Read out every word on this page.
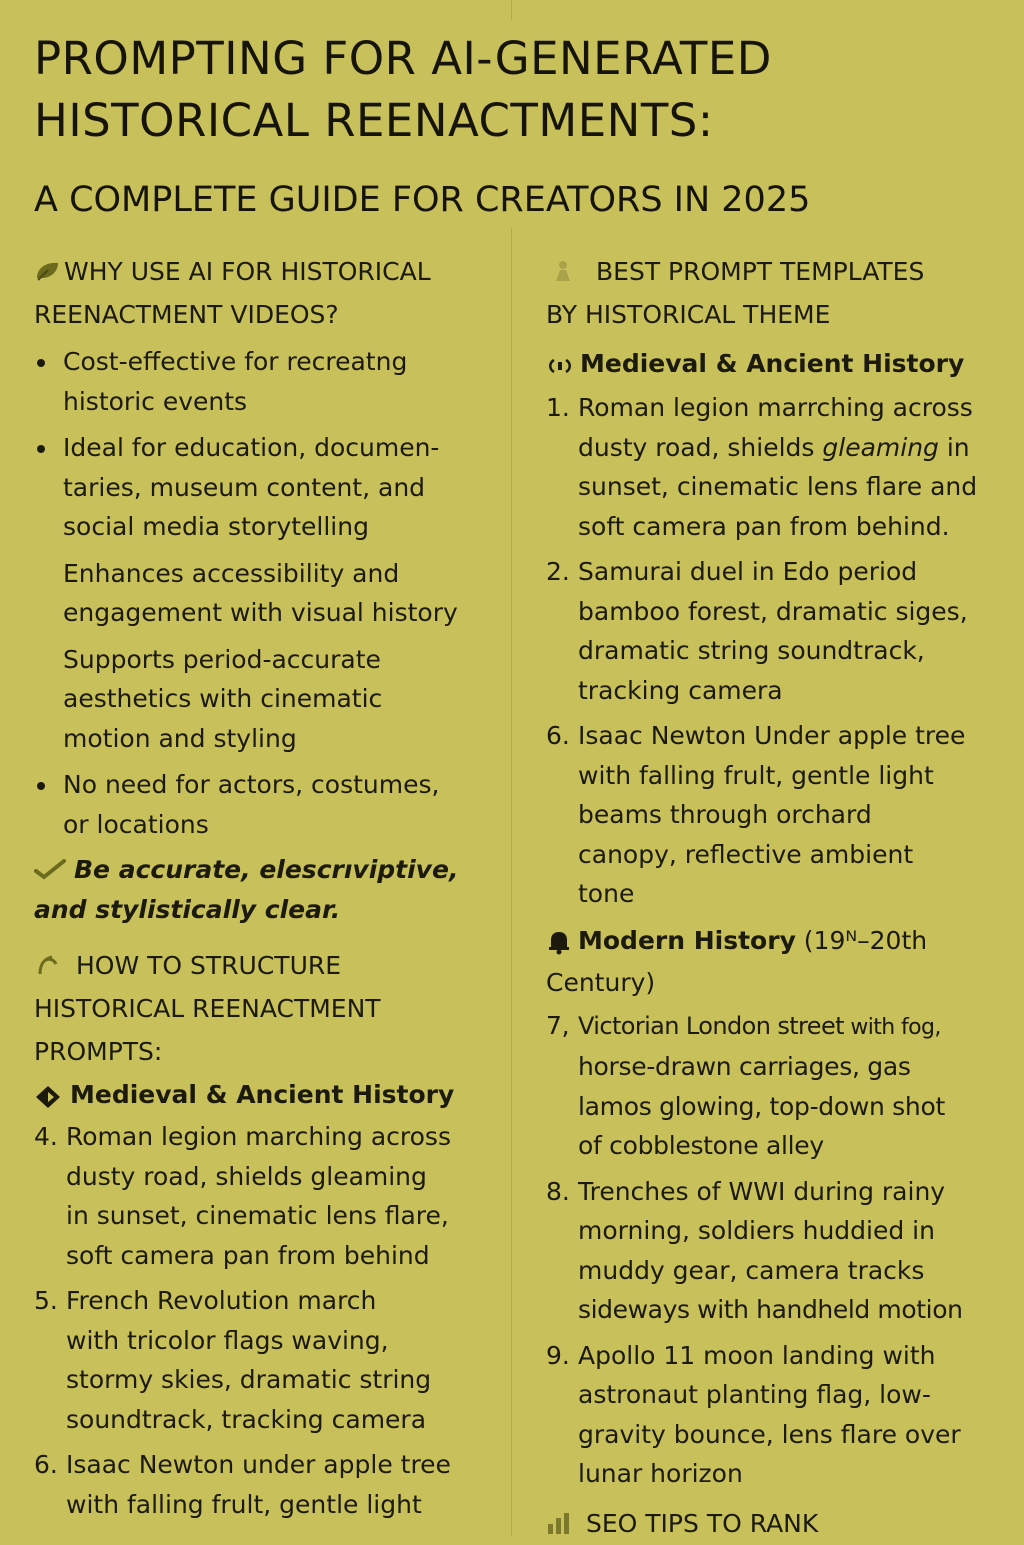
PROMPTING FOR AI-GENERATED
HISTORICAL REENACTMENTS:
A COMPLETE GUIDE FOR CREATORS IN 2025
WHY USE AI FOR HISTORICAL
REENACTMENT VIDEOS?
Cost-effective for recreatng
historic events
Ideal for education, documen-
taries, museum content, and
social media storytelling
Enhances accessibility and
engagement with visual history
Supports period-accurate
aesthetics with cinematic
motion and styling
No need for actors, costumes,
or locations

Be accurate, elescrıviptive,
and stylistically clear.

HOW TO STRUCTURE
HISTORICAL REENACTMENT
PROMPTS:

Medieval & Ancient History

4. Roman legion marching across
dusty road, shields gleaming
in sunset, cinematic lens flare,
soft camera pan from behind
5. French Revolution march
with tricolor flags waving,
stormy skies, dramatic string
soundtrack, tracking camera
6. Isaac Newton under apple tree
with falling frult, gentle light
BEST PROMPT TEMPLATES
BY HISTORICAL THEME

Medieval & Ancient History

1. Roman legion marrching across
dusty road, shields gleaming in
sunset, cinematic lens flare and
soft camera pan from behind.
2. Samurai duel in Edo period
bamboo forest, dramatic siges,
dramatic string soundtrack,
tracking camera
6. Isaac Newton Under apple tree
with falling frult, gentle light
beams through orchard
canopy, reflective ambient
tone

Modern History (19ᴺ–20th
Century)

7, Victorian London street with fog,
horse-drawn carriages, gas
lamos glowing, top-down shot
of cobblestone alley
8. Trenches of WWI during rainy
morning, soldiers huddied in
muddy gear, camera tracks
sideways with handheld motion
9. Apollo 11 moon landing with
astronaut planting flag, low-
gravity bounce, lens flare over
lunar horizon
SEO TIPS TO RANK
